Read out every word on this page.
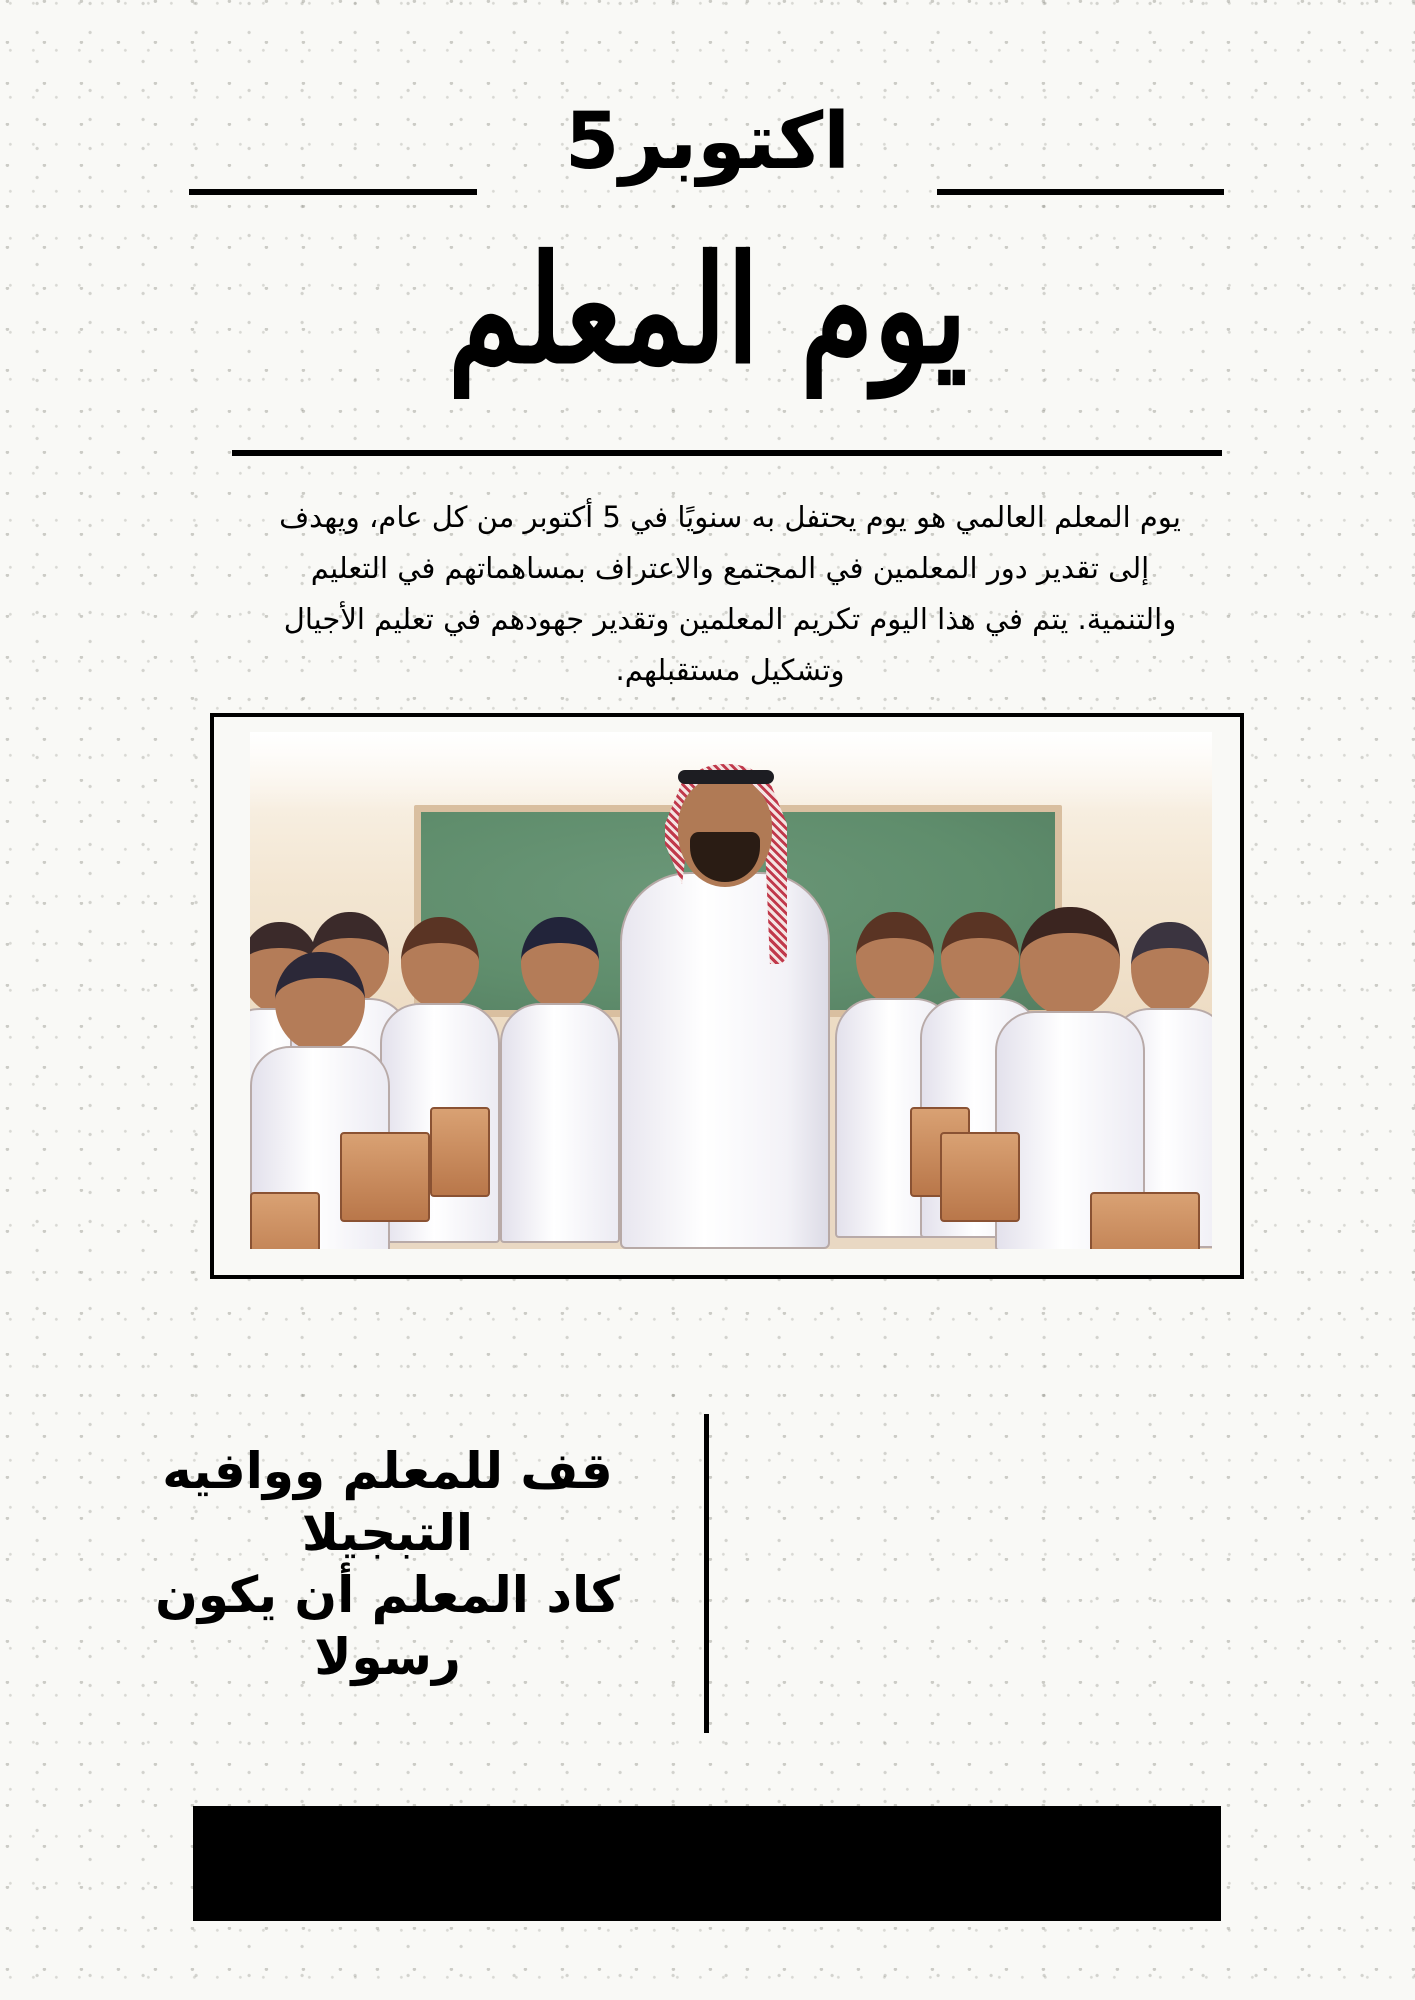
5اكتوبر
يوم المعلم
يوم المعلم العالمي هو يوم يحتفل به سنويًا في 5 أكتوبر من كل عام، ويهدف
إلى تقدير دور المعلمين في المجتمع والاعتراف بمساهماتهم في التعليم
والتنمية. يتم في هذا اليوم تكريم المعلمين وتقدير جهودهم في تعليم الأجيال
وتشكيل مستقبلهم.
قف للمعلم ووافيه التبجيلا
كاد المعلم أن يكون رسولا
